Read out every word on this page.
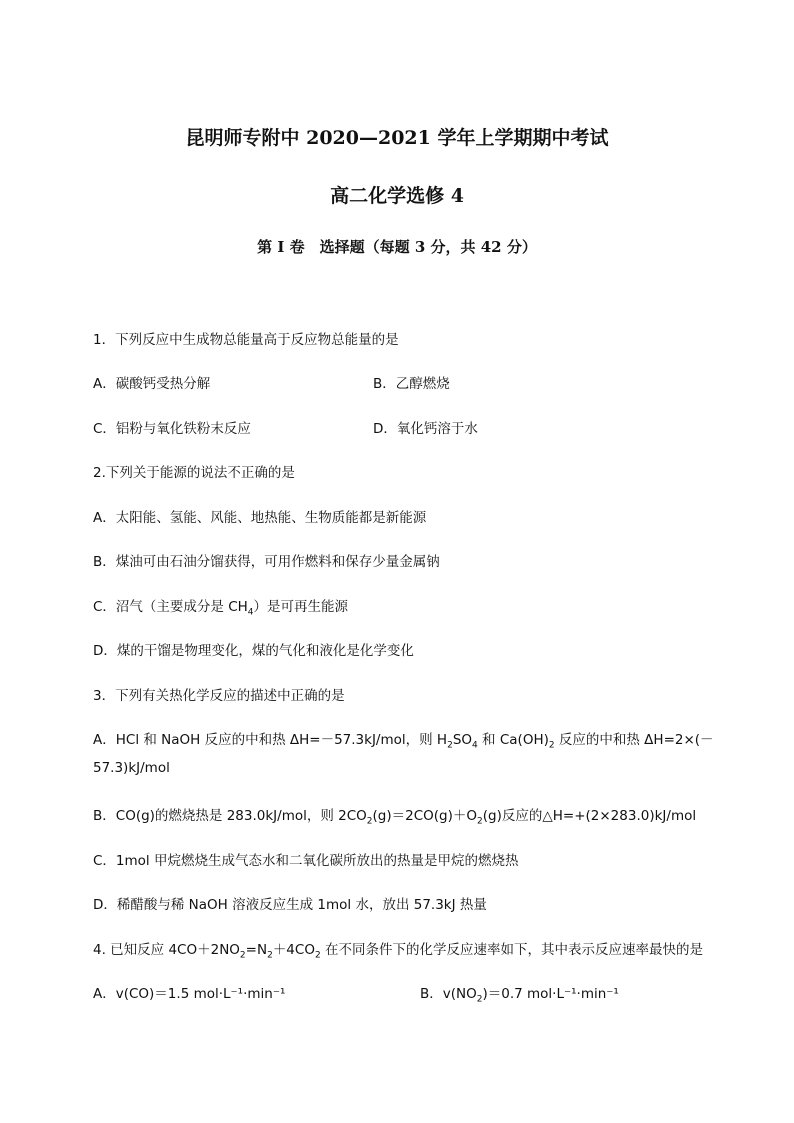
昆明师专附中 2020—2021 学年上学期期中考试
高二化学选修 4
第 I 卷　选择题（每题 3 分，共 42 分）
1．下列反应中生成物总能量高于反应物总能量的是
A．碳酸钙受热分解	B．乙醇燃烧
C．铝粉与氧化铁粉末反应	D．氧化钙溶于水
2.下列关于能源的说法不正确的是
A．太阳能、氢能、风能、地热能、生物质能都是新能源
B．煤油可由石油分馏获得，可用作燃料和保存少量金属钠
C．沼气（主要成分是 $CH_4$）是可再生能源
D．煤的干馏是物理变化，煤的气化和液化是化学变化
3．下列有关热化学反应的描述中正确的是
A．HCl 和 NaOH 反应的中和热 ΔH=－57.3kJ/mol，则 $H_2SO_4$ 和 $Ca(OH)_2$ 反应的中和热 ΔH=2×(－
57.3)kJ/mol
B．CO(g)的燃烧热是 283.0kJ/mol，则 $2CO_2(g)=2CO(g)+O_2(g)$反应的△H=+(2×283.0)kJ/mol
C．1mol 甲烷燃烧生成气态水和二氧化碳所放出的热量是甲烷的燃烧热
D．稀醋酸与稀 NaOH 溶液反应生成 1mol 水，放出 57.3kJ 热量
4. 已知反应 $4CO+2NO_2=N_2+4CO_2$ 在不同条件下的化学反应速率如下，其中表示反应速率最快的是
A．v(CO)＝1.5 mol·L⁻¹·min⁻¹	B．$v(NO_2)=0.7$ mol·L⁻¹·min⁻¹
